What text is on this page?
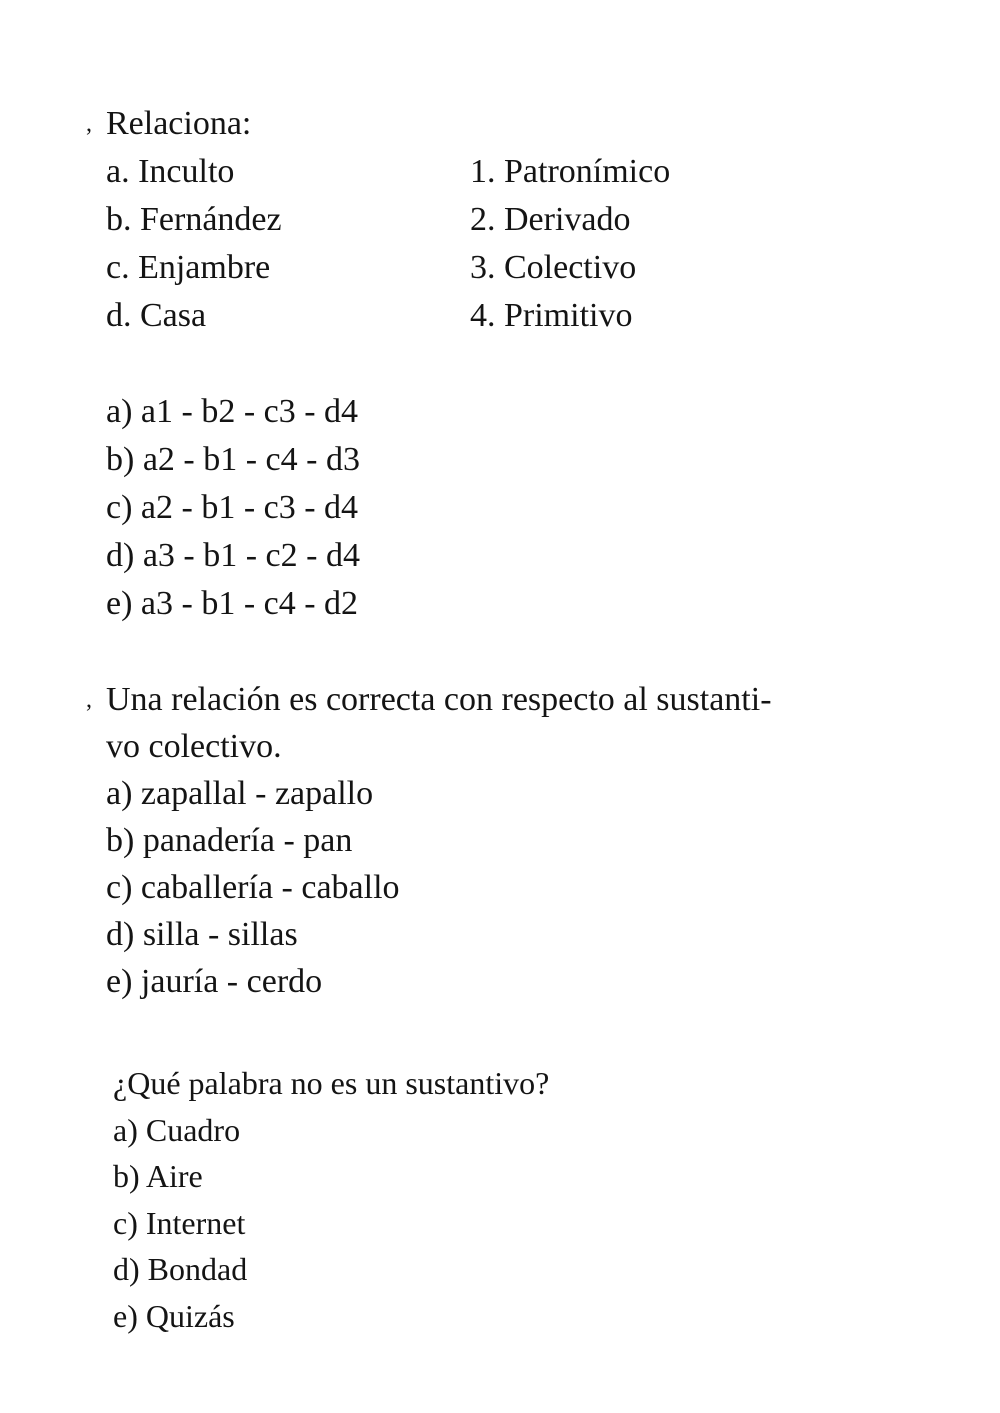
, Relaciona:
a. Inculto	1. Patronímico
b. Fernández	2. Derivado
c. Enjambre	3. Colectivo
d. Casa	4. Primitivo
a) a1 - b2 - c3 - d4
b) a2 - b1 - c4 - d3
c) a2 - b1 - c3 - d4
d) a3 - b1 - c2 - d4
e) a3 - b1 - c4 - d2
, Una relación es correcta con respecto al sustanti-
vo colectivo.
a) zapallal - zapallo
b) panadería - pan
c) caballería - caballo
d) silla - sillas
e) jauría - cerdo
¿Qué palabra no es un sustantivo?
a) Cuadro
b) Aire
c) Internet
d) Bondad
e) Quizás
